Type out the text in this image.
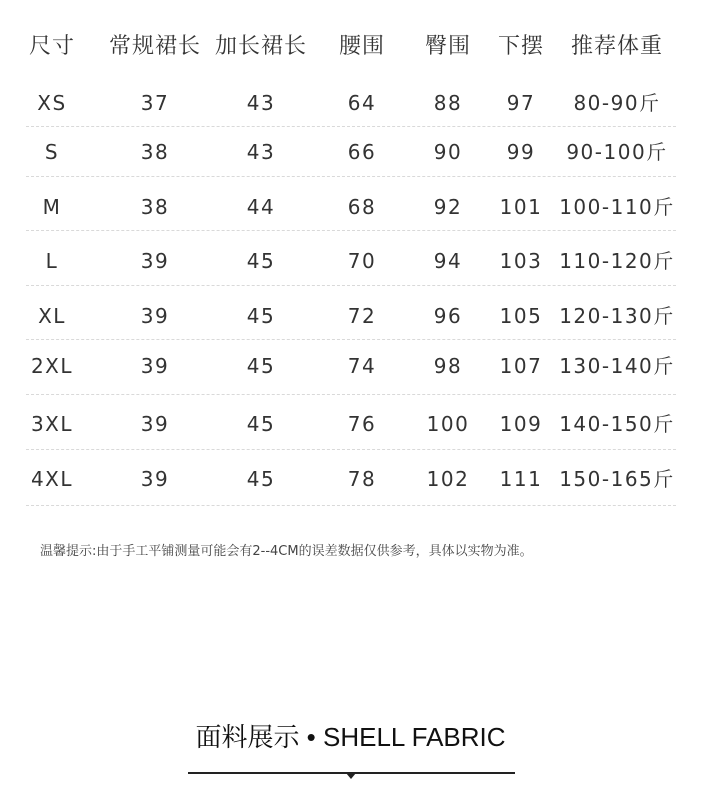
尺寸 常规裙长 加长裙长 腰围 臀围 下摆 推荐体重
XS	37	43	64	88 97 80-90斤
S	38	43	66	90 99 90-100斤
M	38	44	68	92 101 100-110斤
L	39	45	70	94 103 110-120斤
XL	39	45	72	96 105 120-130斤
2XL	39	45	74	98 107 130-140斤
3XL	39	45	76	100 109 140-150斤
4XL	39	45	78	102 111 150-165斤
温馨提示:由于手工平铺测量可能会有2--4CM的误差数据仅供参考，具体以实物为准。
面料展示 • SHELL FABRIC
